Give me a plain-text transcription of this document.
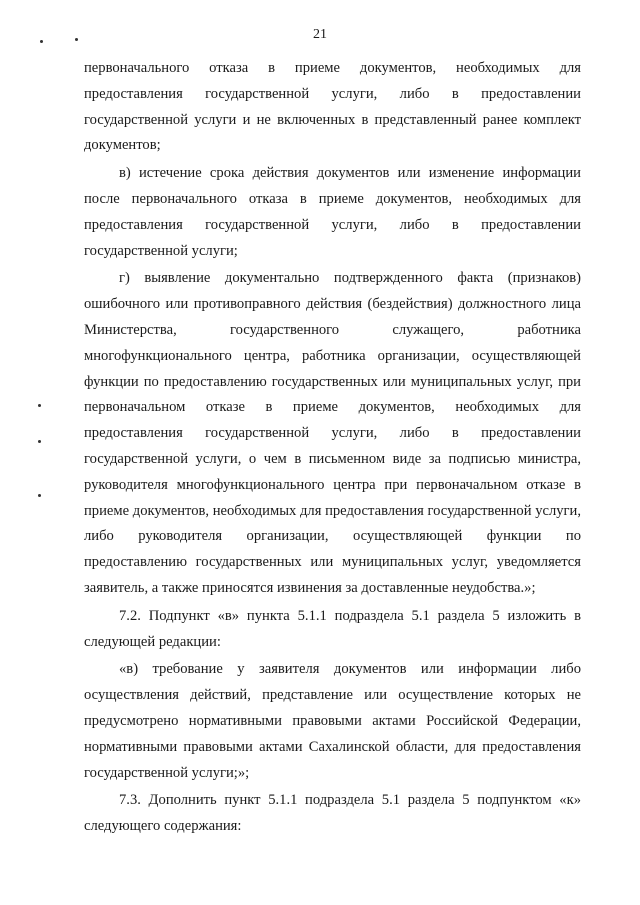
21

первоначального отказа в приеме документов, необходимых для предоставления государственной услуги, либо в предоставлении государственной услуги и не включенных в представленный ранее комплект документов;

в) истечение срока действия документов или изменение информации после первоначального отказа в приеме документов, необходимых для предоставления государственной услуги, либо в предоставлении государственной услуги;

г) выявление документально подтвержденного факта (признаков) ошибочного или противоправного действия (бездействия) должностного лица Министерства, государственного служащего, работника многофункционального центра, работника организации, осуществляющей функции по предоставлению государственных или муниципальных услуг, при первоначальном отказе в приеме документов, необходимых для предоставления государственной услуги, либо в предоставлении государственной услуги, о чем в письменном виде за подписью министра, руководителя многофункционального центра при первоначальном отказе в приеме документов, необходимых для предоставления государственной услуги, либо руководителя организации, осуществляющей функции по предоставлению государственных или муниципальных услуг, уведомляется заявитель, а также приносятся извинения за доставленные неудобства.»;

7.2. Подпункт «в» пункта 5.1.1 подраздела 5.1 раздела 5 изложить в следующей редакции:

«в) требование у заявителя документов или информации либо осуществления действий, представление или осуществление которых не предусмотрено нормативными правовыми актами Российской Федерации, нормативными правовыми актами Сахалинской области, для предоставления государственной услуги;»;

7.3. Дополнить пункт 5.1.1 подраздела 5.1 раздела 5 подпунктом «к» следующего содержания:
